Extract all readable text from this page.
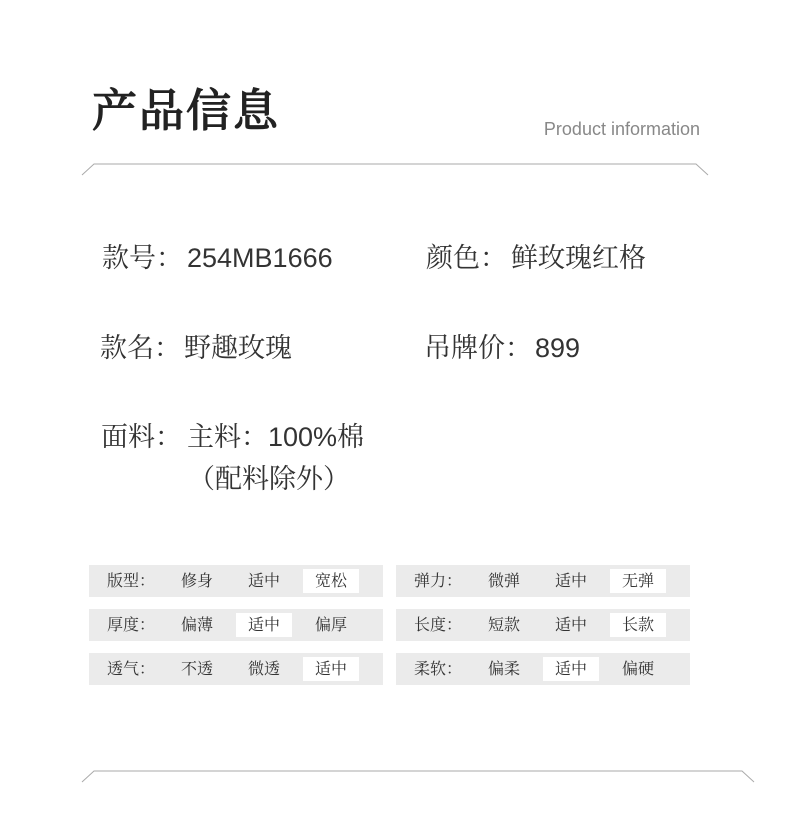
产品信息	Product information
款号： 254MB1666	颜色： 鲜玫瑰红格
款名： 野趣玫瑰	吊牌价： 899
面料： 主料：100%棉
（配料除外）
版型：	修身	适中	宽松	弹力：	微弹	适中	无弹
厚度：	偏薄	适中	偏厚	长度：	短款	适中	长款
透气：	不透	微透	适中	柔软：	偏柔	适中	偏硬
